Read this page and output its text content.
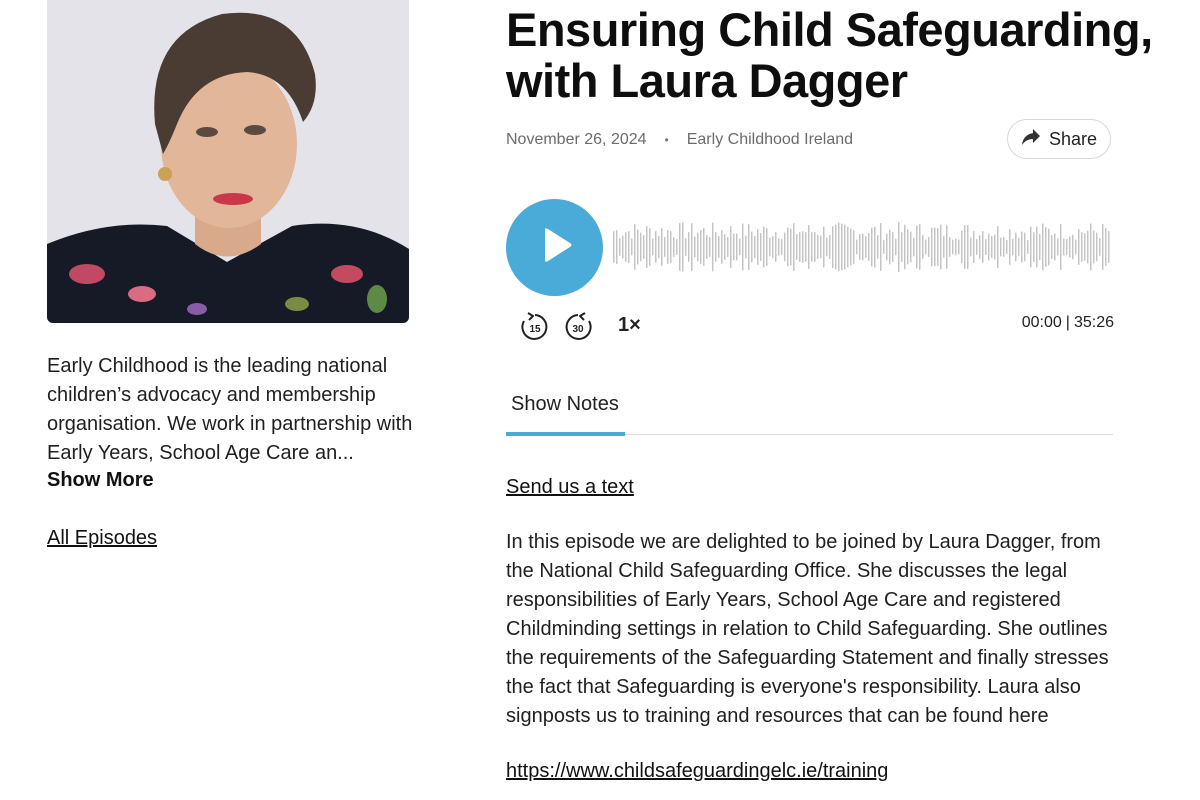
Early Childhood is the leading national children’s advocacy and membership organisation. We work in partnership with Early Years, School Age Care an...

Show More
All Episodes
Ensuring Child Safeguarding, with Laura Dagger
November 26, 2024 • Early Childhood Ireland	Share
15	30 1×	00:00 | 35:26
Show Notes
Send us a text

In this episode we are delighted to be joined by Laura Dagger, from the National Child Safeguarding Office. She discusses the legal responsibilities of Early Years, School Age Care and registered Childminding settings in relation to Child Safeguarding. She outlines the requirements of the Safeguarding Statement and finally stresses the fact that Safeguarding is everyone's responsibility. Laura also signposts us to training and resources that can be found here

https://www.childsafeguardingelc.ie/training
